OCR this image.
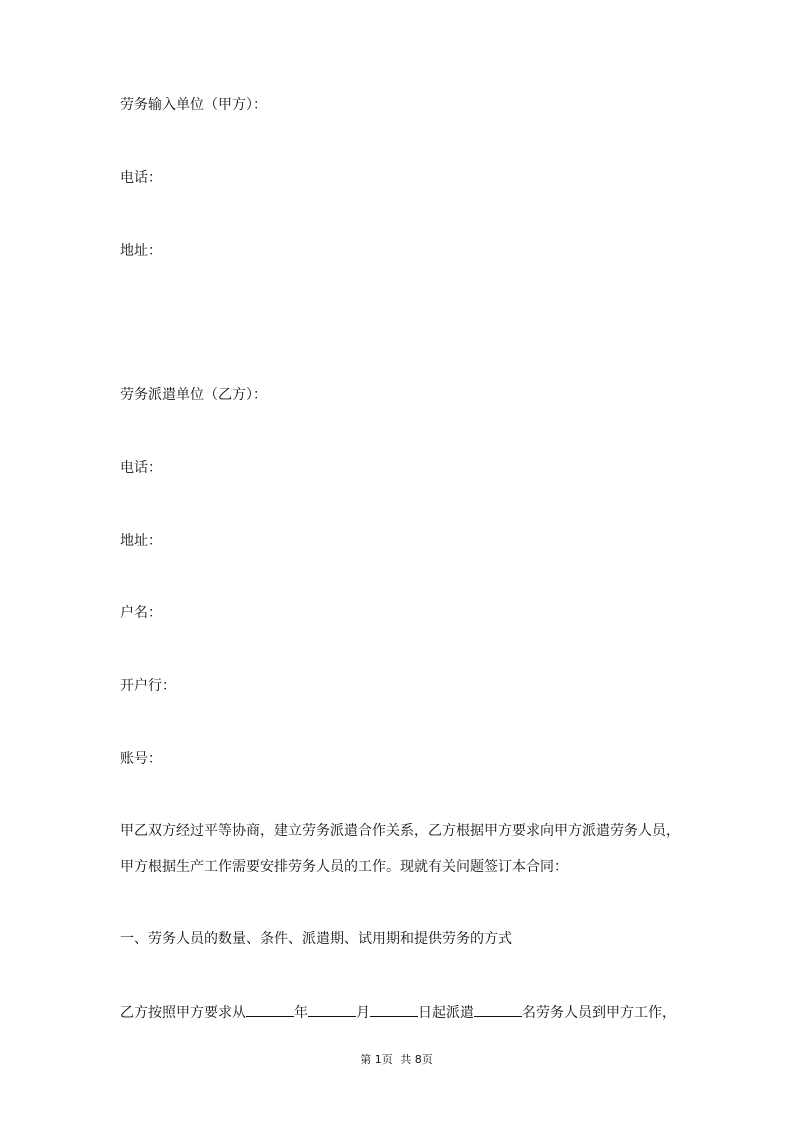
劳务输入单位（甲方）：
电话：
地址：
劳务派遣单位（乙方）：
电话：
地址：
户名：
开户行：
账号：
甲乙双方经过平等协商，建立劳务派遣合作关系，乙方根据甲方要求向甲方派遣劳务人员，
甲方根据生产工作需要安排劳务人员的工作。现就有关问题签订本合同：
一、劳务人员的数量、条件、派遣期、试用期和提供劳务的方式
乙方按照甲方要求从	年	月	日起派遣	名劳务人员到甲方工作，
第 1页 共 8页
